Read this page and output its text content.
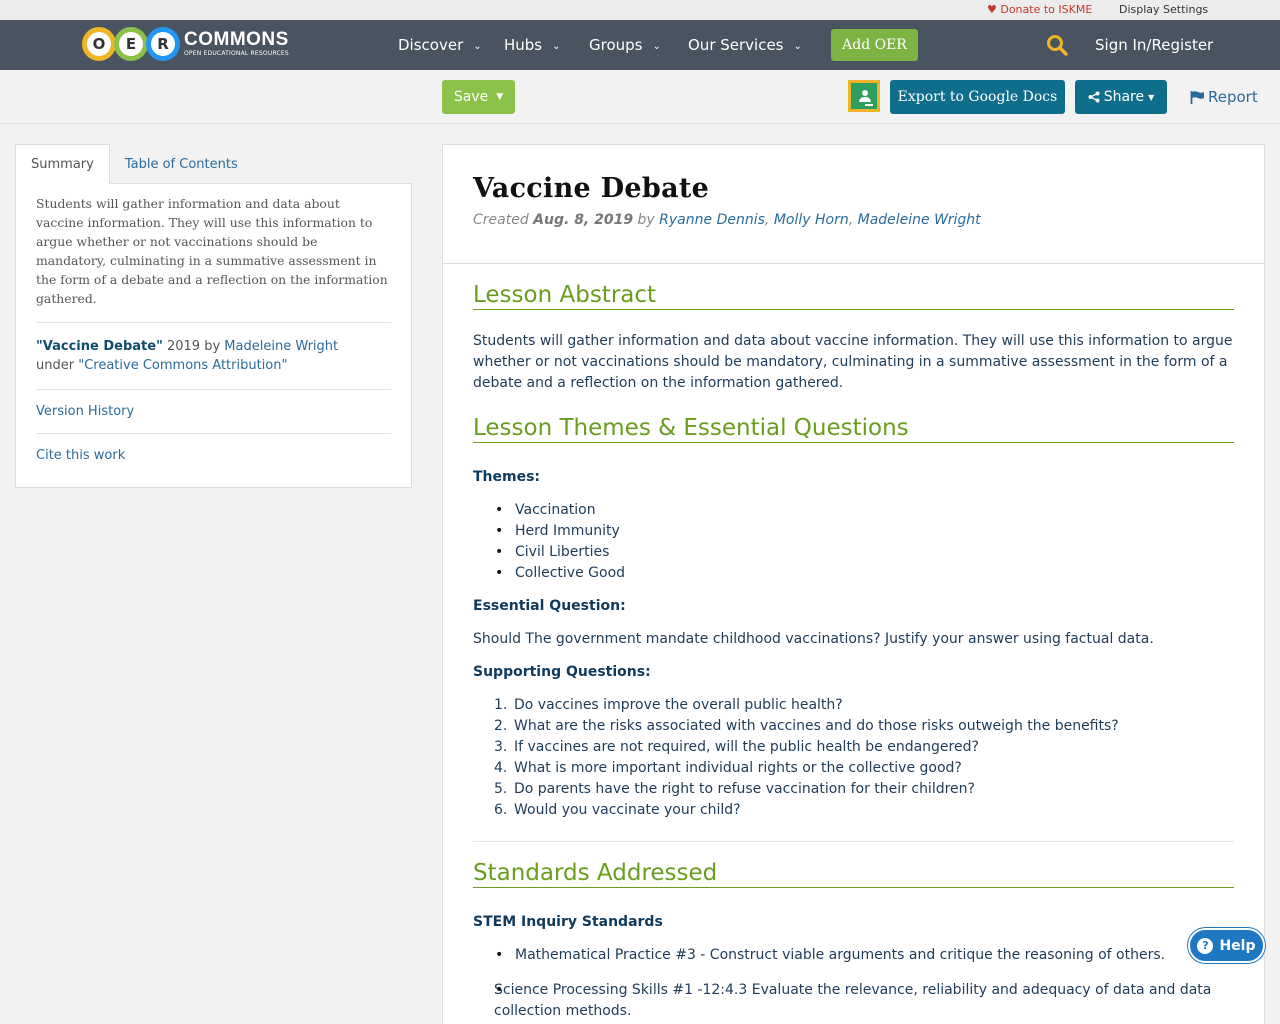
♥ Donate to ISKME Display Settings
O	E	R COMMONS
OPEN EDUCATIONAL RESOURCES	Discover ⌄ Hubs ⌄ Groups ⌄ Our Services ⌄	Add OER	Sign In/Register
Save ▼	Export to Google Docs	Share ▼	Report
Summary	Table of Contents
Students will gather information and data about vaccine information. They will use this information to argue whether or not vaccinations should be mandatory, culminating in a summative assessment in the form of a debate and a reflection on the information gathered.
"Vaccine Debate" 2019 by Madeleine Wright
under "Creative Commons Attribution"
Version History
Cite this work
Vaccine Debate
Created Aug. 8, 2019 by Ryanne Dennis, Molly Horn, Madeleine Wright
Lesson Abstract

Students will gather information and data about vaccine information. They will use this information to argue whether or not vaccinations should be mandatory, culminating in a summative assessment in the form of a debate and a reflection on the information gathered.

Lesson Themes & Essential Questions
Themes:
• Vaccination
• Herd Immunity
• Civil Liberties
• Collective Good
Essential Question:

Should The government mandate childhood vaccinations? Justify your answer using factual data.

Supporting Questions:
1. Do vaccines improve the overall public health?
2. What are the risks associated with vaccines and do those risks outweigh the benefits?
3. If vaccines are not required, will the public health be endangered?
4. What is more important individual rights or the collective good?
5. Do parents have the right to refuse vaccination for their children?
6. Would you vaccinate your child?
Standards Addressed
STEM Inquiry Standards
• Mathematical Practice #3 - Construct viable arguments and critique the reasoning of others.
• Science Processing Skills #1 -12:4.3 Evaluate the relevance, reliability and adequacy of data and data collection methods.
? Help
